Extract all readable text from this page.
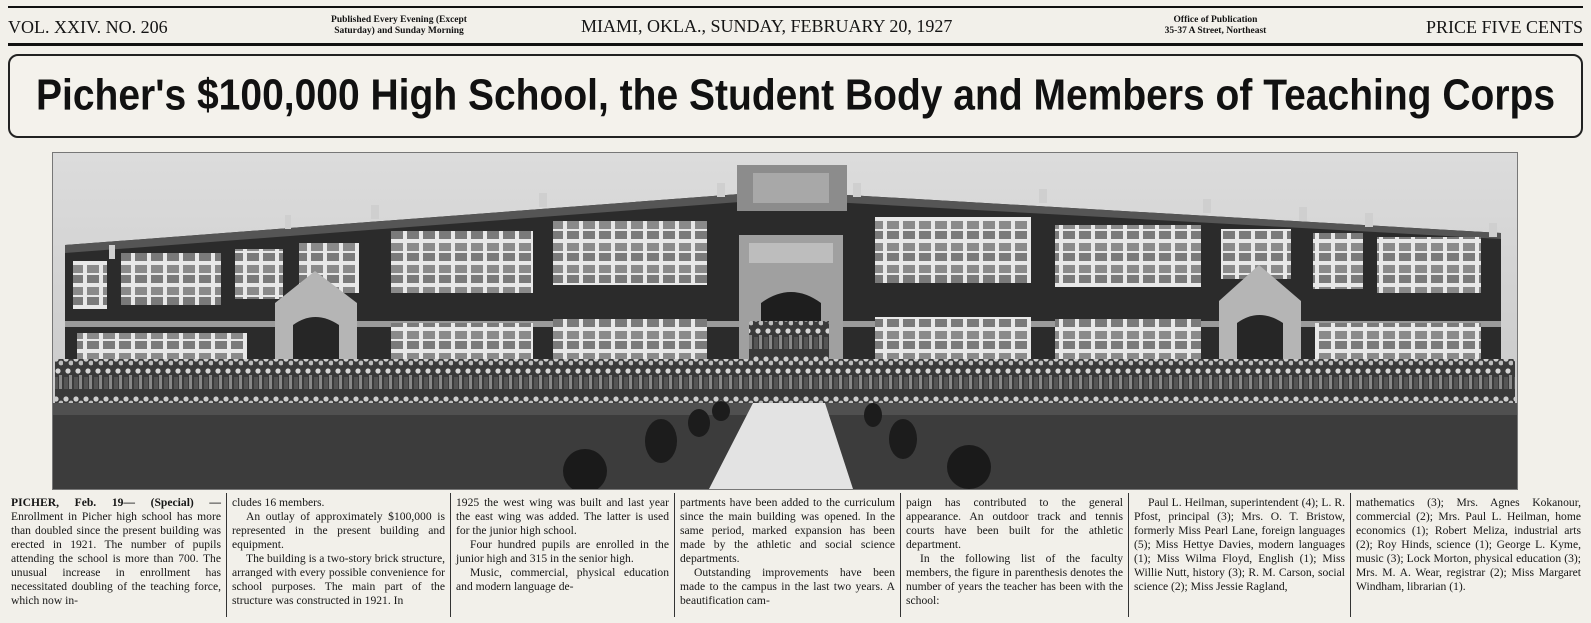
VOL. XXIV. NO. 206	Published Every Evening (Except
Saturday) and Sunday Morning	MIAMI, OKLA., SUNDAY, FEBRUARY 20, 1927	Office of Publication
35-37 A Street, Northeast	PRICE FIVE CENTS
Picher's $100,000 High School, the Student Body and Members of Teaching Corps

PICHER, Feb. 19— (Special) — Enrollment in Picher high school has more than doubled since the present building was erected in 1921. The number of pupils attending the school is more than 700. The unusual increase in enrollment has necessitated doubling of the teaching force, which now in-

cludes 16 members.

An outlay of approximately $100,000 is represented in the present building and equipment.

The building is a two-story brick structure, arranged with every possible convenience for school purposes. The main part of the structure was constructed in 1921. In

1925 the west wing was built and last year the east wing was added. The latter is used for the junior high school.

Four hundred pupils are enrolled in the junior high and 315 in the senior high.

Music, commercial, physical education and modern language de-

partments have been added to the curriculum since the main building was opened. In the same period, marked expansion has been made by the athletic and social science departments.

Outstanding improvements have been made to the campus in the last two years. A beautification cam-

paign has contributed to the general appearance. An outdoor track and tennis courts have been built for the athletic department.

In the following list of the faculty members, the figure in parenthesis denotes the number of years the teacher has been with the school:

Paul L. Heilman, superintendent (4); L. R. Pfost, principal (3); Mrs. O. T. Bristow, formerly Miss Pearl Lane, foreign languages (5); Miss Hettye Davies, modern languages (1); Miss Wilma Floyd, English (1); Miss Willie Nutt, history (3); R. M. Carson, social science (2); Miss Jessie Ragland,

mathematics (3); Mrs. Agnes Kokanour, commercial (2); Mrs. Paul L. Heilman, home economics (1); Robert Meliza, industrial arts (2); Roy Hinds, science (1); George L. Kyme, music (3); Lock Morton, physical education (3); Mrs. M. A. Wear, registrar (2); Miss Margaret Windham, librarian (1).
